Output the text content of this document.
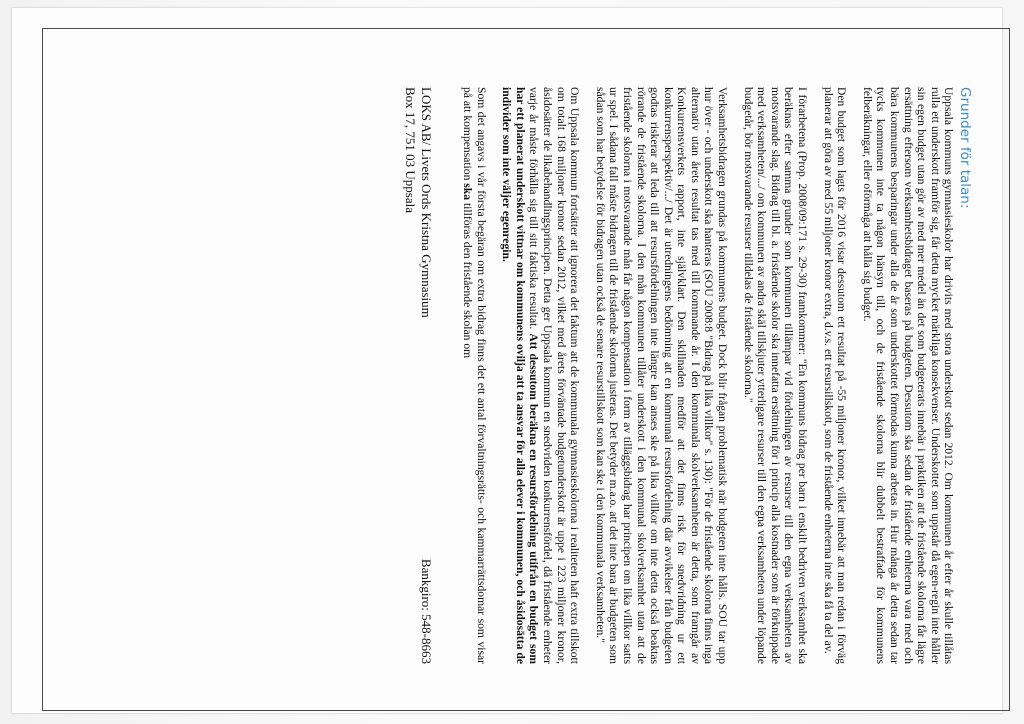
Grunder för talan:

Uppsala kommuns gymnasieskolor har drivits med stora underskott sedan 2012. Om kommunen år efter år skulle tillåtas rulla ett underskott framför sig, får detta mycket märkliga konsekvenser. Underskottet som uppstår då egen-regin inte håller sin egen budget utan gör av med mer medel än det som budgeterats innebär i praktiken att de fristående skolorna får lägre ersättning eftersom verksamhetsbidraget baseras på budgeten. Dessutom ska sedan de fristående enheterna vara med och bära kommunens besparingar under alla de år som underskottet förmodas kunna arbetas in. Hur många år detta sedan tar tycks kommunen inte ta någon hänsyn till, och de fristående skolorna blir dubbelt bestraffade för kommunens felberäkningar, eller oförmåga att hålla sig budget.

Den budget som lagts för 2016 visar dessutom ett resultat på -55 miljoner kronor, vilket innebär att man redan i förväg planerar att göra av med 55 miljoner kronor extra, d.v.s. ett resursillskott, som de fristående enheterna inte ska få ta del av.

I förarbetena (Prop. 2008/09:171 s. 29-30) framkommer: "En kommuns bidrag per barn i enskilt bedriven verksamhet ska beräknas efter samma grunder som kommunen tillämpar vid fördelningen av resurser till den egna verksamheten av motsvarande slag. Bidrag till bl. a. fristående skolor ska innefatta ersättning för i princip alla kostnader som är förknippade med verksamheten/.../ om kommunen av andra skäl tillskjuter ytterligare resurser till den egna verksamheten under löpande budgetår, bör motsvarande resurser tilldelas de fristående skolorna."

Verksamhetsbidragen grundas på kommunens budget. Dock blir frågan problematisk när budgeten inte hålls. SOU tar upp hur över - och underskott ska hanteras (SOU 2008:8 "Bidrag på lika villkor" s. 130): "För de fristående skolorna finns inga alternativ utan årets resultat tas med till kommande år. I den kommunala skolverksamheten är detta, som framgår av Konkurrensverkets rapport, inte självklart. Den skillnaden medför att det finns risk för snedvridning ur ett konkurrensperspektiv/.../ Det är utredningens bedömning att en kommunal resursfördelning där avvikelser från budgeten godtas riskerar att leda till att resursfördelningen inte längre kan anses ske på lika villkor om inte detta också beaktas rörande de fristående skolorna. I den mån kommunen tillåter underskott i den kommunal skolverksamhet utan att de fristående skolorna i motsvarande mån får någon kompensation i form av tilläggsbidrag har principen om lika villkor satts ur spel. I sådana fall måste bidragen till de fristående skolorna justeras. Det betyder m.a.o. att det inte bara är budgeten som sådan som har betydelse för bidragen utan också de senare resurstillskott som kan ske i den kommunala verksamheten."

Om Uppsala kommun fortsätter att ignorera det faktum att de kommunala gymnasieskolorna i realiteten haft extra tillskott om totalt 168 miljoner kronor sedan 2012, vilket med årets förväntade budgetunderskott är uppe i 223 miljoner kronor, åsidosätter de likabehandlingsprincipen. Detta ger Uppsala kommun en snedvriden konkurrensfördel, då fristående enheter varje år måste förhålla sig till sitt faktiska resultat. Att dessutom beräkna en resursfördelning utifrån en budget som har ett planerat underskott vittnar om kommunens ovilja att ta ansvar för alla elever i kommunen, och åsidosätta de individer som inte väljer egenregin.

Som det angavs i vår första begäran om extra bidrag finns det ett antal förvaltningsrätts- och kammarrättsdomar som visar på att kompensation ska tillföras den fristående skolan om

LOKS AB/ Livets Ords Kristna Gymnasium
Bankgiro: 548-8663
Box 17, 751 03 Uppsala
